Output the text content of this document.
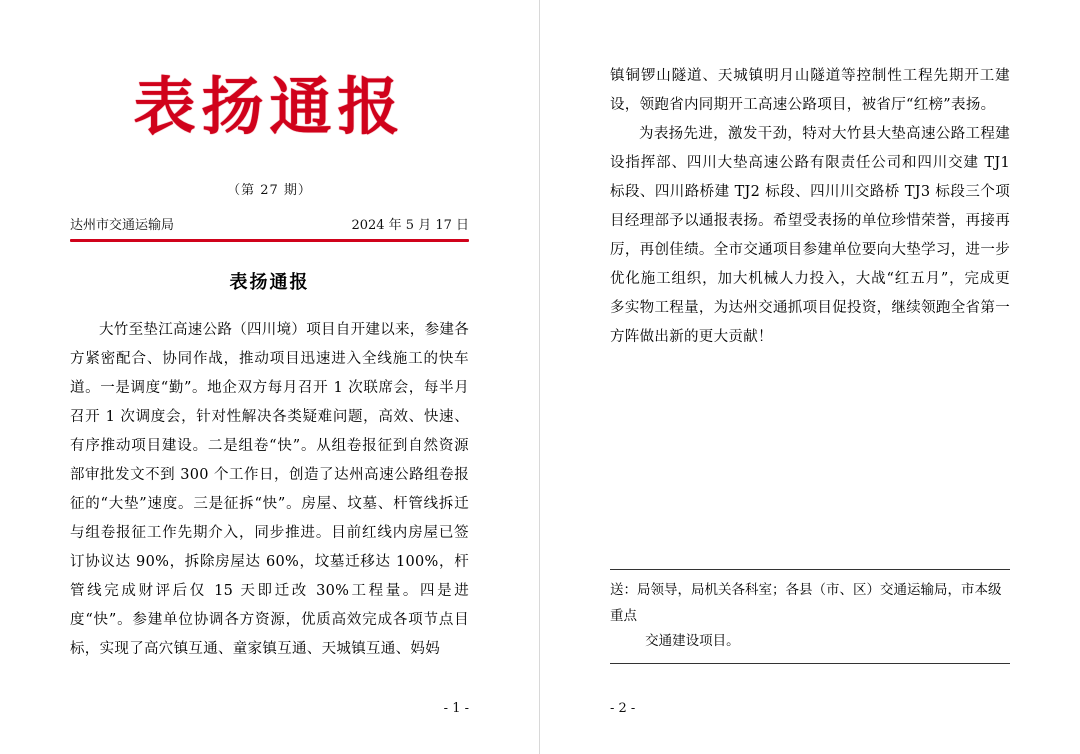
表扬通报
（第 27 期）
达州市交通运输局	2024 年 5 月 17 日
表扬通报

大竹至垫江高速公路（四川境）项目自开建以来，参建各方紧密配合、协同作战，推动项目迅速进入全线施工的快车道。一是调度“勤”。地企双方每月召开 1 次联席会，每半月召开 1 次调度会，针对性解决各类疑难问题，高效、快速、有序推动项目建设。二是组卷“快”。从组卷报征到自然资源部审批发文不到 300 个工作日，创造了达州高速公路组卷报征的“大垫”速度。三是征拆“快”。房屋、坟墓、杆管线拆迁与组卷报征工作先期介入，同步推进。目前红线内房屋已签订协议达 90%，拆除房屋达 60%，坟墓迁移达 100%，杆管线完成财评后仅 15 天即迁改 30%工程量。四是进度“快”。参建单位协调各方资源，优质高效完成各项节点目标，实现了高穴镇互通、童家镇互通、天城镇互通、妈妈

- 1 -

镇铜锣山隧道、天城镇明月山隧道等控制性工程先期开工建设，领跑省内同期开工高速公路项目，被省厅“红榜”表扬。

为表扬先进，激发干劲，特对大竹县大垫高速公路工程建设指挥部、四川大垫高速公路有限责任公司和四川交建 TJ1 标段、四川路桥建 TJ2 标段、四川川交路桥 TJ3 标段三个项目经理部予以通报表扬。希望受表扬的单位珍惜荣誉，再接再厉，再创佳绩。全市交通项目参建单位要向大垫学习，进一步优化施工组织，加大机械人力投入，大战“红五月”，完成更多实物工程量，为达州交通抓项目促投资，继续领跑全省第一方阵做出新的更大贡献！

送：局领导，局机关各科室；各县（市、区）交通运输局，市本级重点
交通建设项目。
- 2 -
